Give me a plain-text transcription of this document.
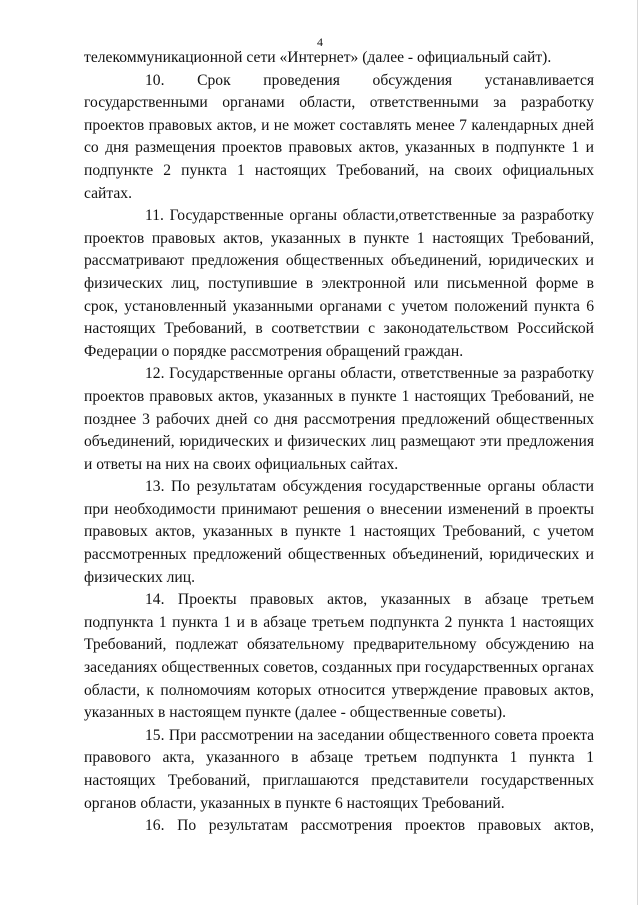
4

телекоммуникационной сети «Интернет» (далее - официальный сайт).

10. Срок проведения обсуждения устанавливается государственными органами области, ответственными за разработку проектов правовых актов, и не может составлять менее 7 календарных дней со дня размещения проектов правовых актов, указанных в подпункте 1 и подпункте 2 пункта 1 настоящих Требований, на своих официальных сайтах.

11. Государственные органы области,ответственные за разработку проектов правовых актов, указанных в пункте 1 настоящих Требований, рассматривают предложения общественных объединений, юридических и физических лиц, поступившие в электронной или письменной форме в срок, установленный указанными органами с учетом положений пункта 6 настоящих Требований, в соответствии с законодательством Российской Федерации о порядке рассмотрения обращений граждан.

12. Государственные органы области, ответственные за разработку проектов правовых актов, указанных в пункте 1 настоящих Требований, не позднее 3 рабочих дней со дня рассмотрения предложений общественных объединений, юридических и физических лиц размещают эти предложения и ответы на них на своих официальных сайтах.

13. По результатам обсуждения государственные органы области при необходимости принимают решения о внесении изменений в проекты правовых актов, указанных в пункте 1 настоящих Требований, с учетом рассмотренных предложений общественных объединений, юридических и физических лиц.

14. Проекты правовых актов, указанных в абзаце третьем подпункта 1 пункта 1 и в абзаце третьем подпункта 2 пункта 1 настоящих Требований, подлежат обязательному предварительному обсуждению на заседаниях общественных советов, созданных при государственных органах области, к полномочиям которых относится утверждение правовых актов, указанных в настоящем пункте (далее - общественные советы).

15. При рассмотрении на заседании общественного совета проекта правового акта, указанного в абзаце третьем подпункта 1 пункта 1 настоящих Требований, приглашаются представители государственных органов области, указанных в пункте 6 настоящих Требований.

16. По результатам рассмотрения проектов правовых актов,
